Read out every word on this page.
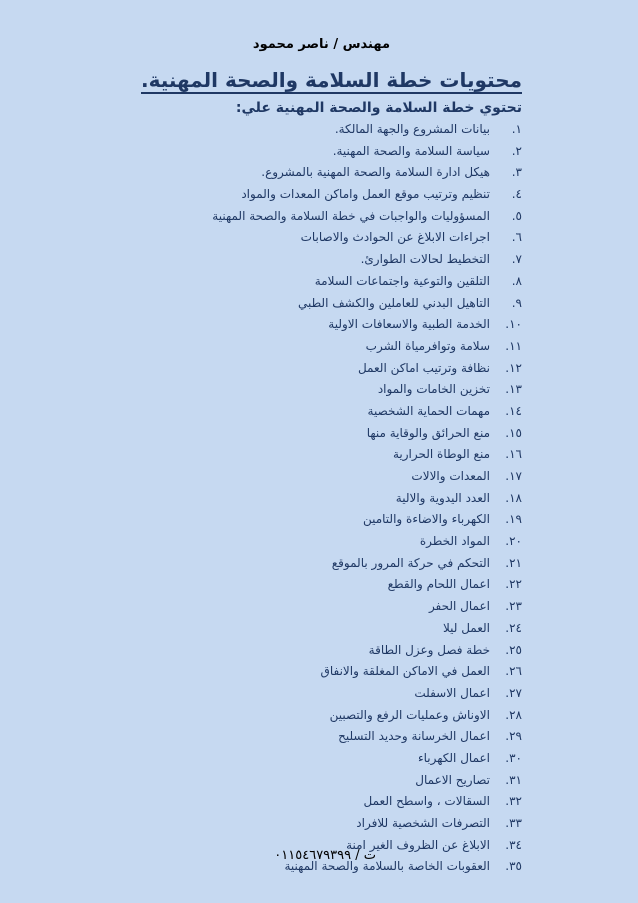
مهندس / ناصر محمود
محتويات خطة السلامة والصحة المهنية.
تحتوي خطة السلامة والصحة المهنية علي:
١.
بيانات المشروع والجهة المالكة.
٢.
سياسة السلامة والصحة المهنية.
٣.
هيكل ادارة السلامة والصحة المهنية بالمشروع.
٤.
تنظيم وترتيب موقع العمل واماكن المعدات والمواد
٥.
المسؤوليات والواجبات في خطة السلامة والصحة المهنية
٦.
اجراءات الابلاغ عن الحوادث والاصابات
٧.
التخطيط لحالات الطوارئ.
٨.
التلقين والتوعية واجتماعات السلامة
٩.
التاهيل البدني للعاملين والكشف الطبي
١٠.
الخدمة الطبية والاسعافات الاولية
١١.
سلامة وتوافرمياة الشرب
١٢.
نظافة وترتيب اماكن العمل
١٣.
تخزين الخامات والمواد
١٤.
مهمات الحماية الشخصية
١٥.
منع الحرائق والوقاية منها
١٦.
منع الوطاة الحرارية
١٧.
المعدات والالات
١٨.
العدد اليدوية والالية
١٩.
الكهرباء والاضاءة والتامين
٢٠.
المواد الخطرة
٢١.
التحكم في حركة المرور بالموقع
٢٢.
اعمال اللحام والقطع
٢٣.
اعمال الحفر
٢٤.
العمل ليلا
٢٥.
خطة فصل وعزل الطاقة
٢٦.
العمل في الاماكن المغلقة والانفاق
٢٧.
اعمال الاسفلت
٢٨.
الاوناش وعمليات الرفع والتصبين
٢٩.
اعمال الخرسانة وحديد التسليح
٣٠.
اعمال الكهرباء
٣١.
تصاريح الاعمال
٣٢.
السقالات ، واسطح العمل
٣٣.
التصرفات الشخصية للافراد
٣٤.
الابلاغ عن الظروف الغير امنة
٣٥.
العقوبات الخاصة بالسلامة والصحة المهنية
ت / ٠١١٥٤٦٧٩٣٩٩
